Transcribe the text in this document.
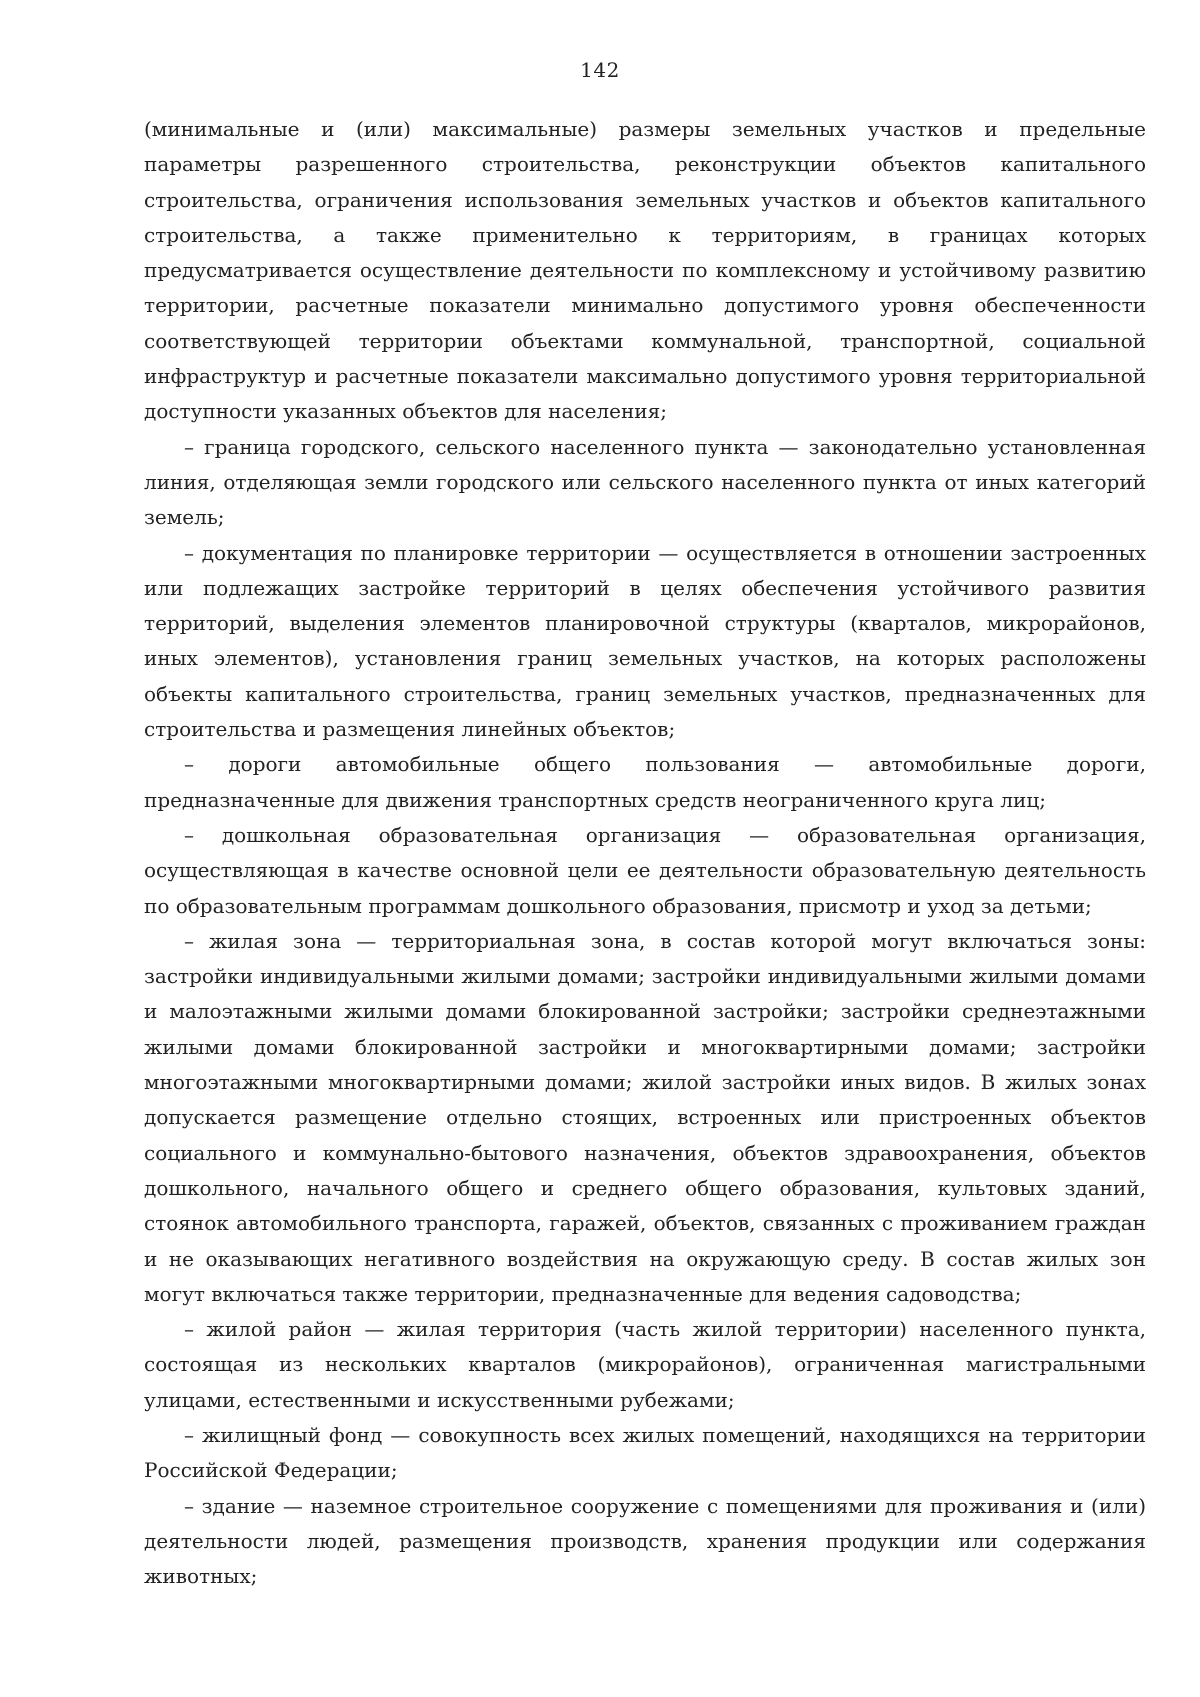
142

(минимальные и (или) максимальные) размеры земельных участков и предельные параметры разрешенного строительства, реконструкции объектов капитального строительства, ограничения использования земельных участков и объектов капитального строительства, а также применительно к территориям, в границах которых предусматривается осуществление деятельности по комплексному и устойчивому развитию территории, расчетные показатели минимально допустимого уровня обеспеченности соответствующей территории объектами коммунальной, транспортной, социальной инфраструктур и расчетные показатели максимально допустимого уровня территориальной доступности указанных объектов для населения;

– граница городского, сельского населенного пункта — законодательно установленная линия, отделяющая земли городского или сельского населенного пункта от иных категорий земель;

– документация по планировке территории — осуществляется в отношении застроенных или подлежащих застройке территорий в целях обеспечения устойчивого развития территорий, выделения элементов планировочной структуры (кварталов, микрорайонов, иных элементов), установления границ земельных участков, на которых расположены объекты капитального строительства, границ земельных участков, предназначенных для строительства и размещения линейных объектов;

– дороги автомобильные общего пользования — автомобильные дороги, предназначенные для движения транспортных средств неограниченного круга лиц;

– дошкольная образовательная организация — образовательная организация, осуществляющая в качестве основной цели ее деятельности образовательную деятельность по образовательным программам дошкольного образования, присмотр и уход за детьми;

– жилая зона — территориальная зона, в состав которой могут включаться зоны: застройки индивидуальными жилыми домами; застройки индивидуальными жилыми домами и малоэтажными жилыми домами блокированной застройки; застройки среднеэтажными жилыми домами блокированной застройки и многоквартирными домами; застройки многоэтажными многоквартирными домами; жилой застройки иных видов. В жилых зонах допускается размещение отдельно стоящих, встроенных или пристроенных объектов социального и коммунально-бытового назначения, объектов здравоохранения, объектов дошкольного, начального общего и среднего общего образования, культовых зданий, стоянок автомобильного транспорта, гаражей, объектов, связанных с проживанием граждан и не оказывающих негативного воздействия на окружающую среду. В состав жилых зон могут включаться также территории, предназначенные для ведения садоводства;

– жилой район — жилая территория (часть жилой территории) населенного пункта, состоящая из нескольких кварталов (микрорайонов), ограниченная магистральными улицами, естественными и искусственными рубежами;

– жилищный фонд — совокупность всех жилых помещений, находящихся на территории Российской Федерации;

– здание — наземное строительное сооружение с помещениями для проживания и (или) деятельности людей, размещения производств, хранения продукции или содержания животных;
